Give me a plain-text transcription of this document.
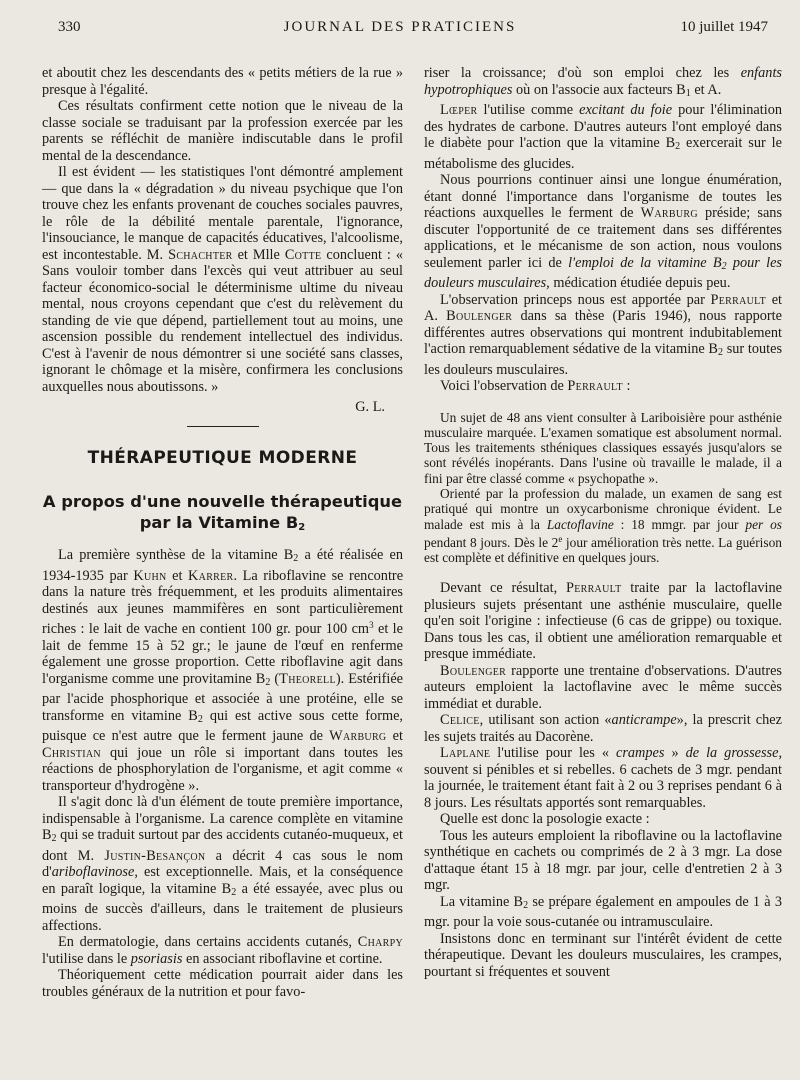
330	JOURNAL DES PRATICIENS	10 juillet 1947

et aboutit chez les descendants des « petits métiers de la rue » presque à l'égalité.

Ces résultats confirment cette notion que le niveau de la classe sociale se traduisant par la profession exercée par les parents se réfléchit de manière indiscutable dans le profil mental de la descendance.

Il est évident — les statistiques l'ont démontré amplement — que dans la « dégradation » du niveau psychique que l'on trouve chez les enfants provenant de couches sociales pauvres, le rôle de la débilité mentale parentale, l'ignorance, l'insouciance, le manque de capacités éducatives, l'alcoolisme, est incontestable. M. Schachter et Mlle Cotte concluent : « Sans vouloir tomber dans l'excès qui veut attribuer au seul facteur économico-social le déterminisme ultime du niveau mental, nous croyons cependant que c'est du relèvement du standing de vie que dépend, partiellement tout au moins, une ascension possible du rendement intellectuel des individus. C'est à l'avenir de nous démontrer si une société sans classes, ignorant le chômage et la misère, confirmera les conclusions auxquelles nous aboutissons. »

G. L.
THÉRAPEUTIQUE MODERNE
A propos d'une nouvelle thérapeutique
par la Vitamine $B_2$

La première synthèse de la vitamine $B_2$ a été réalisée en 1934-1935 par Kuhn et Karrer. La riboflavine se rencontre dans la nature très fréquemment, et les produits alimentaires destinés aux jeunes mammifères en sont particulièrement riches : le lait de vache en contient 100 gr. pour 100 $cm^3$ et le lait de femme 15 à 52 gr.; le jaune de l'œuf en renferme également une grosse proportion. Cette riboflavine agit dans l'organisme comme une provitamine $B_2$ (Theorell). Estérifiée par l'acide phosphorique et associée à une protéine, elle se transforme en vitamine $B_2$ qui est active sous cette forme, puisque ce n'est autre que le ferment jaune de Warburg et Christian qui joue un rôle si important dans toutes les réactions de phosphorylation de l'organisme, et agit comme « transporteur d'hydrogène ».

Il s'agit donc là d'un élément de toute première importance, indispensable à l'organisme. La carence complète en vitamine $B_2$ qui se traduit surtout par des accidents cutanéo-muqueux, et dont M. Justin-Besançon a décrit 4 cas sous le nom d'ariboflavinose, est exceptionnelle. Mais, et la conséquence en paraît logique, la vitamine $B_2$ a été essayée, avec plus ou moins de succès d'ailleurs, dans le traitement de plusieurs affections.

En dermatologie, dans certains accidents cutanés, Charpy l'utilise dans le psoriasis en associant riboflavine et cortine.

Théoriquement cette médication pourrait aider dans les troubles généraux de la nutrition et pour favo-

riser la croissance; d'où son emploi chez les enfants hypotrophiques où on l'associe aux facteurs $B_1$ et A.

Lœper l'utilise comme excitant du foie pour l'élimination des hydrates de carbone. D'autres auteurs l'ont employé dans le diabète pour l'action que la vitamine $B_2$ exercerait sur le métabolisme des glucides.

Nous pourrions continuer ainsi une longue énumération, étant donné l'importance dans l'organisme de toutes les réactions auxquelles le ferment de Warburg préside; sans discuter l'opportunité de ce traitement dans ses différentes applications, et le mécanisme de son action, nous voulons seulement parler ici de l'emploi de la vitamine $B_2$ pour les douleurs musculaires, médication étudiée depuis peu.

L'observation princeps nous est apportée par Perrault et A. Boulenger dans sa thèse (Paris 1946), nous rapporte différentes autres observations qui montrent indubitablement l'action remarquablement sédative de la vitamine $B_2$ sur toutes les douleurs musculaires.

Voici l'observation de Perrault :

Un sujet de 48 ans vient consulter à Lariboisière pour asthénie musculaire marquée. L'examen somatique est absolument normal. Tous les traitements sthéniques classiques essayés jusqu'alors se sont révélés inopérants. Dans l'usine où travaille le malade, il a fini par être classé comme « psychopathe ».

Orienté par la profession du malade, un examen de sang est pratiqué qui montre un oxycarbonisme chronique évident. Le malade est mis à la Lactoflavine : 18 mmgr. par jour per os pendant 8 jours. Dès le 2e jour amélioration très nette. La guérison est complète et définitive en quelques jours.

Devant ce résultat, Perrault traite par la lactoflavine plusieurs sujets présentant une asthénie musculaire, quelle qu'en soit l'origine : infectieuse (6 cas de grippe) ou toxique. Dans tous les cas, il obtient une amélioration remarquable et presque immédiate.

Boulenger rapporte une trentaine d'observations. D'autres auteurs emploient la lactoflavine avec le même succès immédiat et durable.

Celice, utilisant son action «anticrampe», la prescrit chez les sujets traités au Dacorène.

Laplane l'utilise pour les « crampes » de la grossesse, souvent si pénibles et si rebelles. 6 cachets de 3 mgr. pendant la journée, le traitement étant fait à 2 ou 3 reprises pendant 6 à 8 jours. Les résultats apportés sont remarquables.

Quelle est donc la posologie exacte :

Tous les auteurs emploient la riboflavine ou la lactoflavine synthétique en cachets ou comprimés de 2 à 3 mgr. La dose d'attaque étant 15 à 18 mgr. par jour, celle d'entretien 2 à 3 mgr.

La vitamine $B_2$ se prépare également en ampoules de 1 à 3 mgr. pour la voie sous-cutanée ou intramusculaire.

Insistons donc en terminant sur l'intérêt évident de cette thérapeutique. Devant les douleurs musculaires, les crampes, pourtant si fréquentes et souvent
